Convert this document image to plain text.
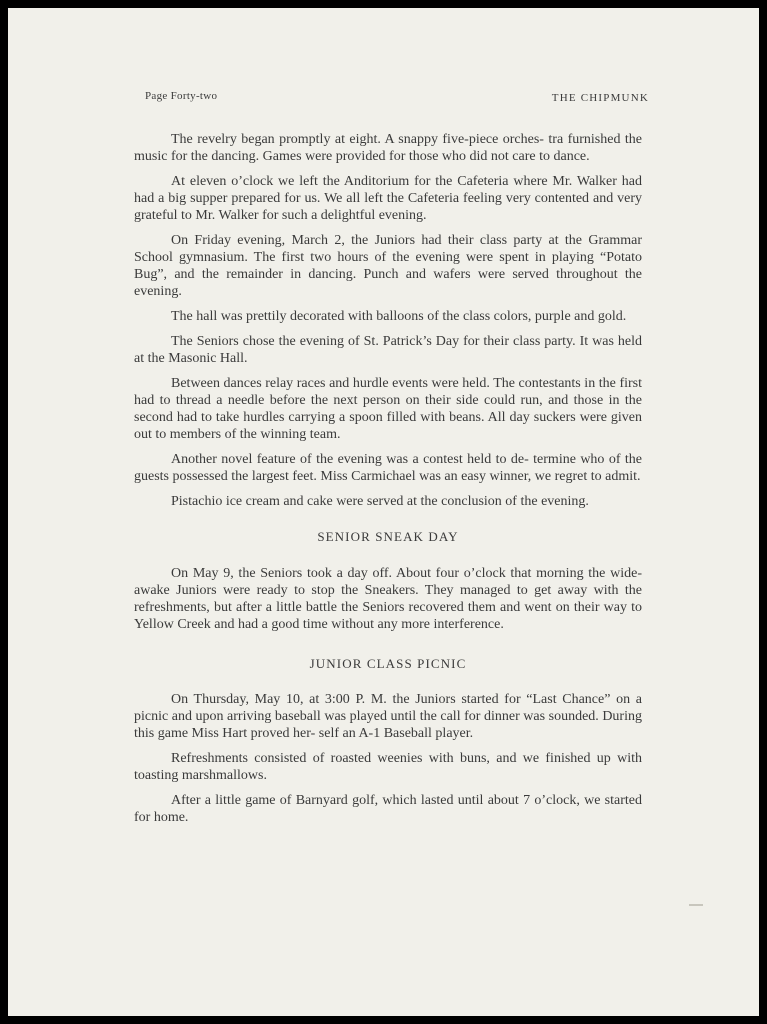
Page Forty-two	THE CHIPMUNK

The revelry began promptly at eight. A snappy five-piece orches- tra furnished the music for the dancing. Games were provided for those who did not care to dance.

At eleven o’clock we left the Anditorium for the Cafeteria where Mr. Walker had had a big supper prepared for us. We all left the Cafeteria feeling very contented and very grateful to Mr. Walker for such a delightful evening.

On Friday evening, March 2, the Juniors had their class party at the Grammar School gymnasium. The first two hours of the evening were spent in playing “Potato Bug”, and the remainder in dancing. Punch and wafers were served throughout the evening.

The hall was prettily decorated with balloons of the class colors, purple and gold.

The Seniors chose the evening of St. Patrick’s Day for their class party. It was held at the Masonic Hall.

Between dances relay races and hurdle events were held. The contestants in the first had to thread a needle before the next person on their side could run, and those in the second had to take hurdles carrying a spoon filled with beans. All day suckers were given out to members of the winning team.

Another novel feature of the evening was a contest held to de- termine who of the guests possessed the largest feet. Miss Carmichael was an easy winner, we regret to admit.

Pistachio ice cream and cake were served at the conclusion of the evening.

SENIOR SNEAK DAY

On May 9, the Seniors took a day off. About four o’clock that morning the wide-awake Juniors were ready to stop the Sneakers. They managed to get away with the refreshments, but after a little battle the Seniors recovered them and went on their way to Yellow Creek and had a good time without any more interference.

JUNIOR CLASS PICNIC

On Thursday, May 10, at 3:00 P. M. the Juniors started for “Last Chance” on a picnic and upon arriving baseball was played until the call for dinner was sounded. During this game Miss Hart proved her- self an A-1 Baseball player.

Refreshments consisted of roasted weenies with buns, and we finished up with toasting marshmallows.

After a little game of Barnyard golf, which lasted until about 7 o’clock, we started for home.
